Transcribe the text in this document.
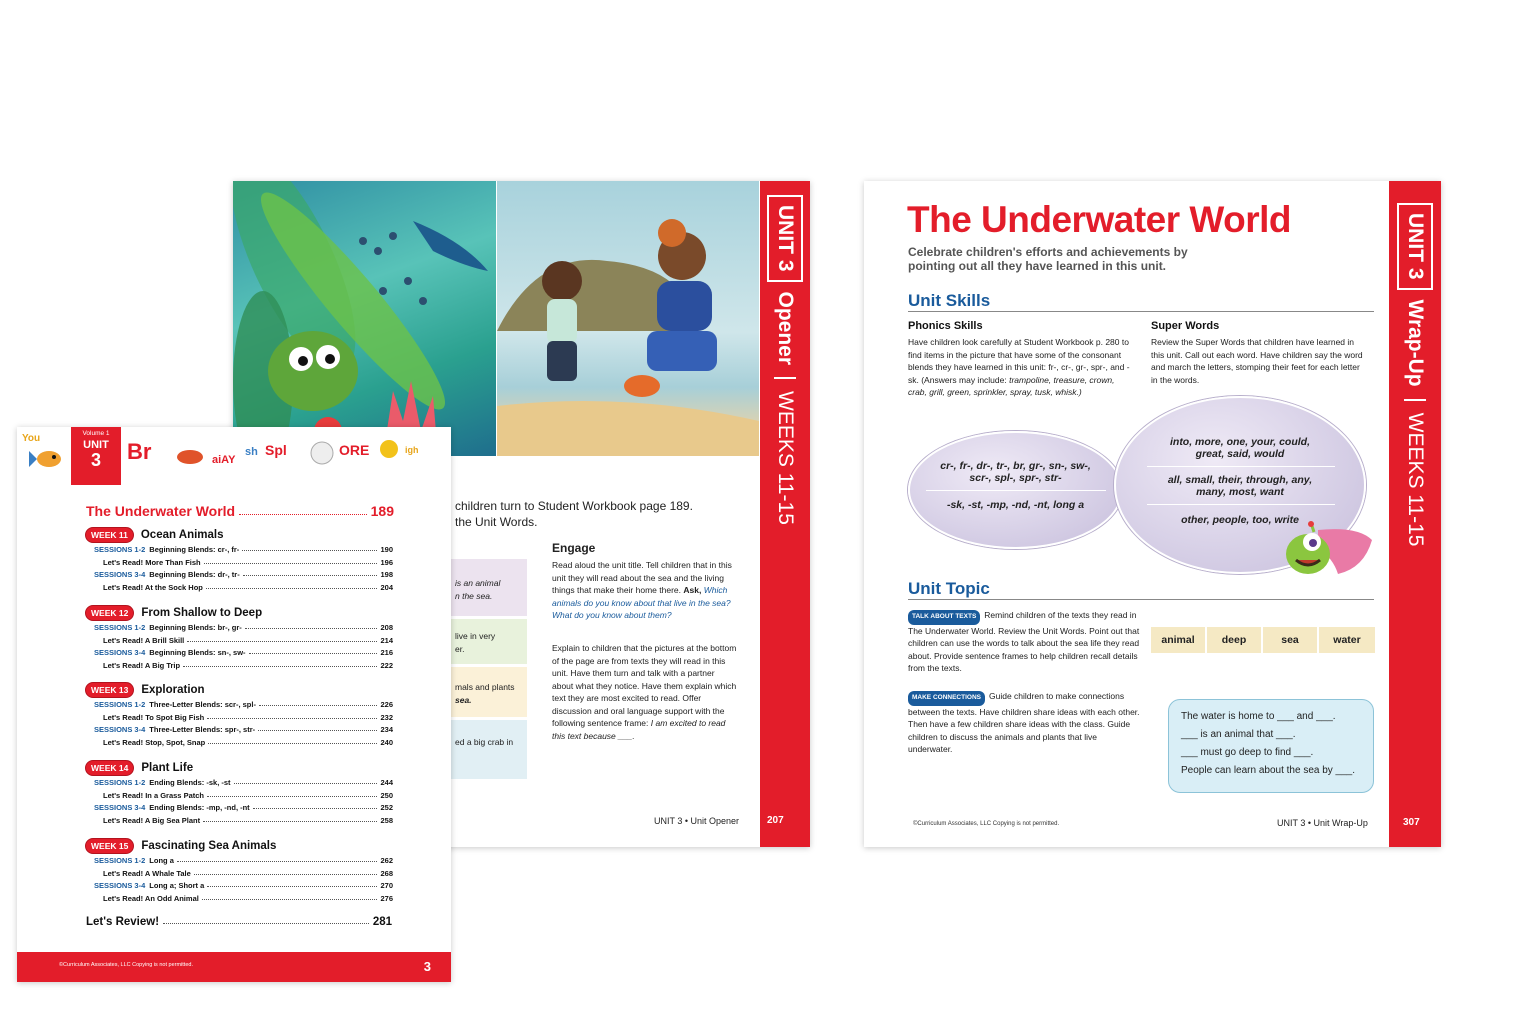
UNIT 3
Opener
WEEKS 11-15
children turn to Student Workbook page 189.
the Unit Words.
is an animal
n the sea.
live in very
er.
mals and plants
sea.
ed a big crab in
Engage
Read aloud the unit title. Tell children that in this unit they will read about the sea and the living things that make their home there. Ask, Which animals do you know about that live in the sea? What do you know about them?
Explain to children that the pictures at the bottom of the page are from texts they will read in this unit. Have them turn and talk with a partner about what they notice. Have them explain which text they are most excited to read. Offer discussion and oral language support with the following sentence frame: I am excited to read this text because ___.
UNIT 3 • Unit Opener	207
The Underwater World
Celebrate children's efforts and achievements by pointing out all they have learned in this unit.	UNIT 3
Wrap-Up
WEEKS 11-15
Unit Skills
Phonics Skills
Have children look carefully at Student Workbook p. 280 to find items in the picture that have some of the consonant blends they have learned in this unit: fr-, cr-, gr-, spr-, and -sk. (Answers may include: trampoline, treasure, crown, crab, grill, green, sprinkler, spray, tusk, whisk.)
Super Words
Review the Super Words that children have learned in this unit. Call out each word. Have children say the word and march the letters, stomping their feet for each letter in the words.
cr-, fr-, dr-, tr-, br, gr-, sn-, sw-, scr-, spl-, spr-, str-
-sk, -st, -mp, -nd, -nt, long a
into, more, one, your, could, great, said, would
all, small, their, through, any, many, most, want
other, people, too, write
Unit Topic
TALK ABOUT TEXTS Remind children of the texts they read in The Underwater World. Review the Unit Words. Point out that children can use the words to talk about the sea life they read about. Provide sentence frames to help children recall details from the texts.
MAKE CONNECTIONS Guide children to make connections between the texts. Have children share ideas with each other. Then have a few children share ideas with the class. Guide children to discuss the animals and plants that live underwater.
animal	deep	sea	water
The water is home to ___ and ___.
___ is an animal that ___.
___ must go deep to find ___.
People can learn about the sea by ___.
©Curriculum Associates, LLC Copying is not permitted.	UNIT 3 • Unit Wrap-Up	307
You	Volume 1
UNIT
3	Br	aiAY
sh Spl	ORE	igh
The Underwater World	189
Let's Review!	281
©Curriculum Associates, LLC Copying is not permitted.	3
WEEK 11	Ocean Animals
SESSIONS 1-2 Beginning Blends: cr-, fr-	190
Let's Read! More Than Fish	196
SESSIONS 3-4 Beginning Blends: dr-, tr-	198
Let's Read! At the Sock Hop	204
WEEK 12	From Shallow to Deep
SESSIONS 1-2 Beginning Blends: br-, gr-	208
Let's Read! A Brill Skill	214
SESSIONS 3-4 Beginning Blends: sn-, sw-	216
Let's Read! A Big Trip	222
WEEK 13	Exploration
SESSIONS 1-2 Three-Letter Blends: scr-, spl-	226
Let's Read! To Spot Big Fish	232
SESSIONS 3-4 Three-Letter Blends: spr-, str-	234
Let's Read! Stop, Spot, Snap	240
WEEK 14	Plant Life
SESSIONS 1-2 Ending Blends: -sk, -st	244
Let's Read! In a Grass Patch	250
SESSIONS 3-4 Ending Blends: -mp, -nd, -nt	252
Let's Read! A Big Sea Plant	258
WEEK 15	Fascinating Sea Animals
SESSIONS 1-2 Long a	262
Let's Read! A Whale Tale	268
SESSIONS 3-4 Long a; Short a	270
Let's Read! An Odd Animal	276
